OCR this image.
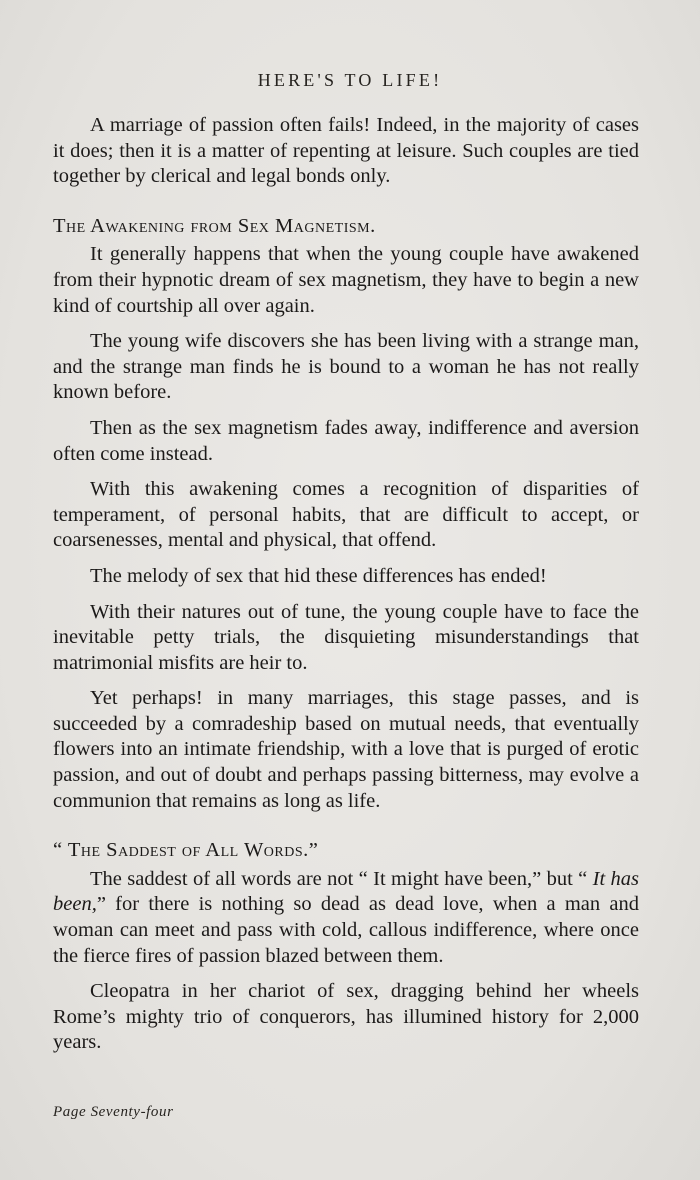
HERE'S TO LIFE!

A marriage of passion often fails! Indeed, in the majority of cases it does; then it is a matter of repenting at leisure. Such couples are tied together by clerical and legal bonds only.

The Awakening from Sex Magnetism.

It generally happens that when the young couple have awakened from their hypnotic dream of sex magnetism, they have to begin a new kind of courtship all over again.

The young wife discovers she has been living with a strange man, and the strange man finds he is bound to a woman he has not really known before.

Then as the sex magnetism fades away, indifference and aversion often come instead.

With this awakening comes a recognition of disparities of temperament, of personal habits, that are difficult to accept, or coarsenesses, mental and physical, that offend.

The melody of sex that hid these differences has ended!

With their natures out of tune, the young couple have to face the inevitable petty trials, the disquieting misunderstandings that matrimonial misfits are heir to.

Yet perhaps! in many marriages, this stage passes, and is succeeded by a comradeship based on mutual needs, that eventually flowers into an intimate friendship, with a love that is purged of erotic passion, and out of doubt and perhaps passing bitterness, may evolve a communion that remains as long as life.

“ The Saddest of All Words.”

The saddest of all words are not “ It might have been,” but “ It has been,” for there is nothing so dead as dead love, when a man and woman can meet and pass with cold, callous indifference, where once the fierce fires of passion blazed between them.

Cleopatra in her chariot of sex, dragging behind her wheels Rome’s mighty trio of conquerors, has illumined history for 2,000 years.

Page Seventy-four
